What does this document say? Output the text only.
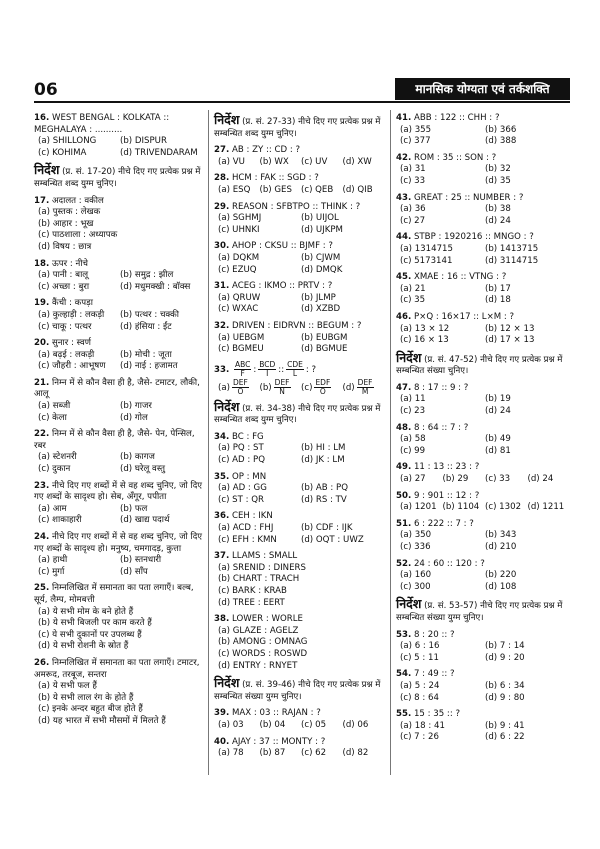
06	मानसिक योग्यता एवं तर्कशक्ति
16. WEST BENGAL : KOLKATA :: MEGHALAYA : ..........
(a) SHILLONG	(b) DISPUR
(c) KOHIMA	(d) TRIVENDARAM
निर्देश (प्र. सं. 17-20) नीचे दिए गए प्रत्येक प्रश्न में सम्बन्धित शब्द युग्म चुनिए।
17. अदालत : वकील
(a) पुस्तक : लेखक
(b) आहार : भूख
(c) पाठशाला : अध्यापक
(d) विषय : छात्र
18. ऊपर : नीचे
(a) पानी : बालू	(b) समुद्र : झील
(c) अच्छा : बुरा	(d) मधुमक्खी : बॉक्स
19. कैंची : कपड़ा
(a) कुल्हाड़ी : लकड़ी	(b) पत्थर : चक्की
(c) चाकू : पत्थर	(d) हंसिया : ईंट
20. सुनार : स्वर्ण
(a) बढ़ई : लकड़ी	(b) मोची : जूता
(c) जौहरी : आभूषण	(d) नाई : हजामत
21. निम्न में से कौन वैसा ही है, जैसे- टमाटर, लौकी, आलू
(a) सब्जी	(b) गाजर
(c) केला	(d) गोल
22. निम्न में से कौन वैसा ही है, जैसे- पेन, पेन्सिल, रबर
(a) स्टेशनरी	(b) कागज
(c) दुकान	(d) घरेलू वस्तु
23. नीचे दिए गए शब्दों में से वह शब्द चुनिए, जो दिए गए शब्दों के सादृश्य हो। सेब, अँगूर, पपीता
(a) आम	(b) फल
(c) शाकाहारी	(d) खाद्य पदार्थ
24. नीचे दिए गए शब्दों में से वह शब्द चुनिए, जो दिए गए शब्दों के सादृश्य हो। मनुष्य, चमगादड़, कुत्ता
(a) हाथी	(b) स्तनधारी
(c) मुर्गा	(d) साँप
25. निम्नलिखित में समानता का पता लगाएँ। बल्ब, सूर्य, लैम्प, मोमबत्ती
(a) ये सभी मोम के बने होते हैं
(b) ये सभी बिजली पर काम करते हैं
(c) ये सभी दुकानों पर उपलब्ध हैं
(d) ये सभी रोशनी के स्रोत हैं
26. निम्नलिखित में समानता का पता लगाएँ। टमाटर, अमरूद, तरबूज, सन्तरा
(a) ये सभी फल हैं
(b) ये सभी लाल रंग के होते हैं
(c) इनके अन्दर बहुत बीज होते हैं
(d) यह भारत में सभी मौसमों में मिलते हैं
निर्देश (प्र. सं. 27-33) नीचे दिए गए प्रत्येक प्रश्न में सम्बन्धित शब्द युग्म चुनिए।
27. AB : ZY :: CD : ?
(a) VU	(b) WX	(c) UV	(d) XW
28. HCM : FAK :: SGD : ?
(a) ESQ	(b) GES	(c) QEB	(d) QIB
29. REASON : SFBTPO :: THINK : ?
(a) SGHMJ	(b) UIJOL
(c) UHNKI	(d) UJKPM
30. AHOP : CKSU :: BJMF : ?
(a) DQKM	(b) CJWM
(c) EZUQ	(d) DMQK
31. ACEG : IKMO :: PRTV : ?
(a) QRUW	(b) JLMP
(c) WXAC	(d) XZBD
32. DRIVEN : EIDRVN :: BEGUM : ?
(a) UEBGM	(b) EUBGM
(c) BGMEU	(d) BGMUE
33. $\frac{\text{ABC}}{F}$ : $\frac{\text{BCD}}{I}$ :: $\frac{\text{CDE}}{L}$ : ?
$(a) \frac{\text{DEF}}{O} (b) \frac{\text{DEF}}{N} (c) \frac{\text{EDF}}{O} (d) \frac{\text{DEF}}{M}$
निर्देश (प्र. सं. 34-38) नीचे दिए गए प्रत्येक प्रश्न में सम्बन्धित शब्द युग्म चुनिए।
34. BC : FG
(a) PQ : ST	(b) HI : LM
(c) AD : PQ	(d) JK : LM
35. OP : MN
(a) AD : GG	(b) AB : PQ
(c) ST : QR	(d) RS : TV
36. CEH : IKN
(a) ACD : FHJ	(b) CDF : IJK
(c) EFH : KMN	(d) OQT : UWZ
37. LLAMS : SMALL
(a) SRENID : DINERS
(b) CHART : TRACH
(c) BARK : KRAB
(d) TREE : EERT
38. LOWER : WORLE
(a) GLAZE : AGELZ
(b) AMONG : OMNAG
(c) WORDS : ROSWD
(d) ENTRY : RNYET
निर्देश (प्र. सं. 39-46) नीचे दिए गए प्रत्येक प्रश्न में सम्बन्धित संख्या युग्म चुनिए।
39. MAX : 03 :: RAJAN : ?
(a) 03	(b) 04	(c) 05	(d) 06
40. AJAY : 37 :: MONTY : ?
(a) 78	(b) 87	(c) 62	(d) 82
41. ABB : 122 :: CHH : ?
(a) 355	(b) 366
(c) 377	(d) 388
42. ROM : 35 :: SON : ?
(a) 31	(b) 32
(c) 33	(d) 35
43. GREAT : 25 :: NUMBER : ?
(a) 36	(b) 38
(c) 27	(d) 24
44. STBP : 1920216 :: MNGO : ?
(a) 1314715	(b) 1413715
(c) 5173141	(d) 3114715
45. XMAE : 16 :: VTNG : ?
(a) 21	(b) 17
(c) 35	(d) 18
46. P×Q : 16×17 :: L×M : ?
(a) 13 × 12	(b) 12 × 13
(c) 16 × 13	(d) 17 × 13
निर्देश (प्र. सं. 47-52) नीचे दिए गए प्रत्येक प्रश्न में सम्बन्धित संख्या चुनिए।
47. 8 : 17 :: 9 : ?
(a) 11	(b) 19
(c) 23	(d) 24
48. 8 : 64 :: 7 : ?
(a) 58	(b) 49
(c) 99	(d) 81
49. 11 : 13 :: 23 : ?
(a) 27	(b) 29	(c) 33	(d) 24
50. 9 : 901 :: 12 : ?
(a) 1201 (b) 1104 (c) 1302 (d) 1211
51. 6 : 222 :: 7 : ?
(a) 350	(b) 343
(c) 336	(d) 210
52. 24 : 60 :: 120 : ?
(a) 160	(b) 220
(c) 300	(d) 108
निर्देश (प्र. सं. 53-57) नीचे दिए गए प्रत्येक प्रश्न में सम्बन्धित संख्या युग्म चुनिए।
53. 8 : 20 :: ?
(a) 6 : 16	(b) 7 : 14
(c) 5 : 11	(d) 9 : 20
54. 7 : 49 :: ?
(a) 5 : 24	(b) 6 : 34
(c) 8 : 64	(d) 9 : 80
55. 15 : 35 :: ?
(a) 18 : 41	(b) 9 : 41
(c) 7 : 26	(d) 6 : 22
